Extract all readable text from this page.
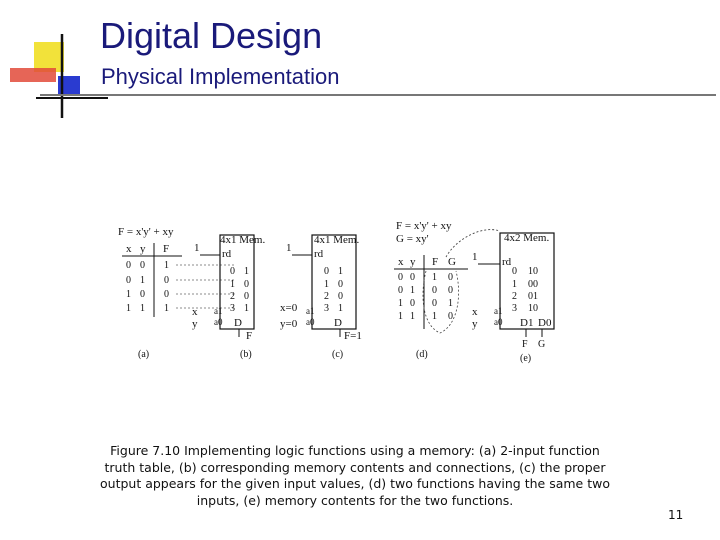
Digital Design
Physical Implementation
F = x'y' + xy
x y F
0 0 1
0 1 0
1 0 0
1 1 1
(a)
1
4x1 Mem.
rd
0 1
1 0
2 0
3 1
x
y
a1
a0 D
F
(b)
1
4x1 Mem.
rd
0 1
1 0
2 0
3 1
x=0
y=0
a1
a0 D
F=1
(c)
F = x'y' + xy
G = xy'
x y F G
0 0 1 0
0 1 0 0
1 0 0 1
1 1 1 0
(d)
1
4x2 Mem.
rd
0 10
1 00
2 01
3 10
x
y
a1
a0 D1 D0
F G
(e)
Figure 7.10 Implementing logic functions using a memory: (a) 2-input function truth table, (b) corresponding memory contents and connections, (c) the proper output appears for the given input values, (d) two functions having the same two inputs, (e) memory contents for the two functions.
11
